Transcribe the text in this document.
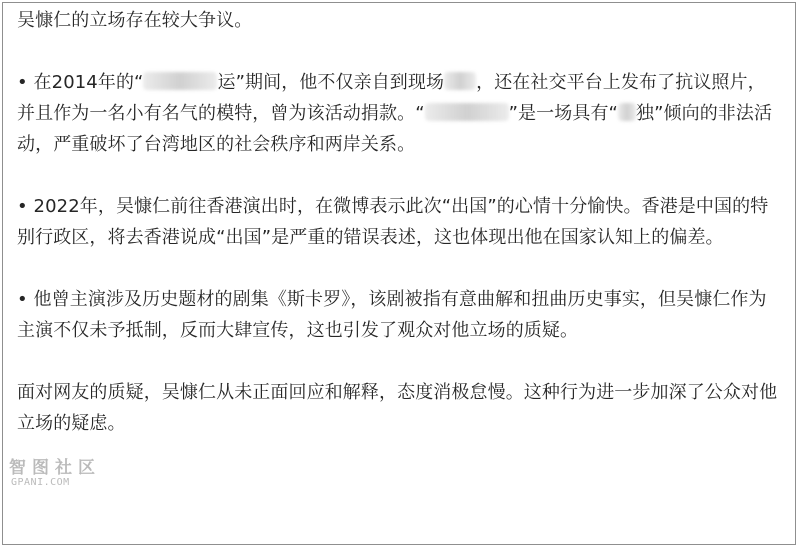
吴慷仁的立场存在较大争议。

• 在2014年的“	运”期间，他不仅亲自到现场 ，还在社交平台上发布了抗议照片，并且作为一名小有名气的模特，曾为该活动捐款。“	”是一场具有“ 独”倾向的非法活动，严重破坏了台湾地区的社会秩序和两岸关系。

• 2022年，吴慷仁前往香港演出时，在微博表示此次“出国”的心情十分愉快。香港是中国的特别行政区，将去香港说成“出国”是严重的错误表述，这也体现出他在国家认知上的偏差。

• 他曾主演涉及历史题材的剧集《斯卡罗》，该剧被指有意曲解和扭曲历史事实，但吴慷仁作为主演不仅未予抵制，反而大肆宣传，这也引发了观众对他立场的质疑。

面对网友的质疑，吴慷仁从未正面回应和解释，态度消极怠慢。这种行为进一步加深了公众对他立场的疑虑。

智图社区
GPANI.COM
